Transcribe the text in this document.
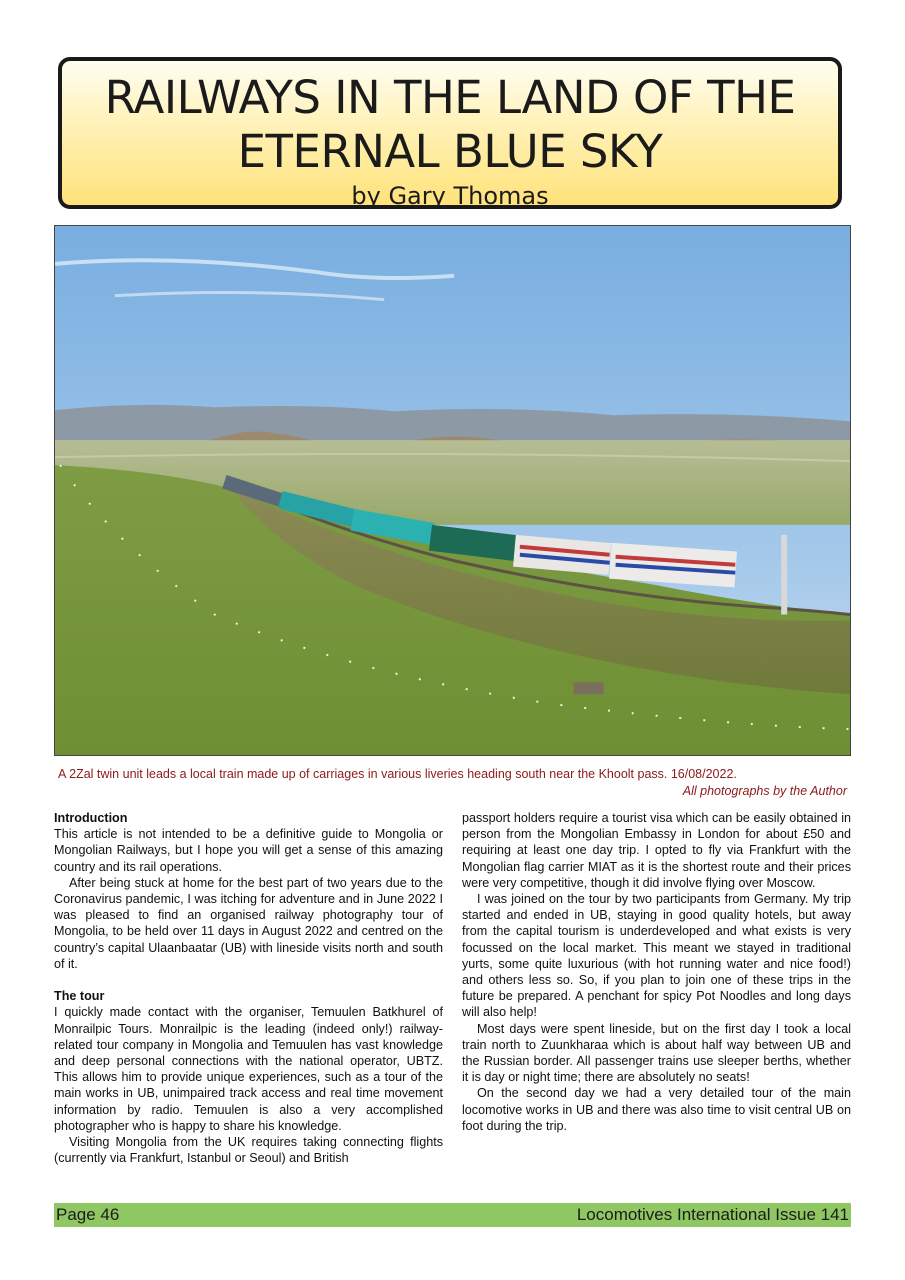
RAILWAYS IN THE LAND OF THE
ETERNAL BLUE SKY
by Gary Thomas
A 2Zal twin unit leads a local train made up of carriages in various liveries heading south near the Khoolt pass. 16/08/2022.
All photographs by the Author
Introduction

This article is not intended to be a definitive guide to Mongolia or Mongolian Railways, but I hope you will get a sense of this amazing country and its rail operations.

After being stuck at home for the best part of two years due to the Coronavirus pandemic, I was itching for adventure and in June 2022 I was pleased to find an organised railway photography tour of Mongolia, to be held over 11 days in August 2022 and centred on the country’s capital Ulaanbaatar (UB) with lineside visits north and south of it.

The tour

I quickly made contact with the organiser, Temuulen Batkhurel of Monrailpic Tours. Monrailpic is the leading (indeed only!) railway-related tour company in Mongolia and Temuulen has vast knowledge and deep personal connections with the national operator, UBTZ. This allows him to provide unique experiences, such as a tour of the main works in UB, unimpaired track access and real time movement information by radio. Temuulen is also a very accomplished photographer who is happy to share his knowledge.

Visiting Mongolia from the UK requires taking connecting flights (currently via Frankfurt, Istanbul or Seoul) and British

passport holders require a tourist visa which can be easily obtained in person from the Mongolian Embassy in London for about £50 and requiring at least one day trip. I opted to fly via Frankfurt with the Mongolian flag carrier MIAT as it is the shortest route and their prices were very competitive, though it did involve flying over Moscow.

I was joined on the tour by two participants from Germany. My trip started and ended in UB, staying in good quality hotels, but away from the capital tourism is underdeveloped and what exists is very focussed on the local market. This meant we stayed in traditional yurts, some quite luxurious (with hot running water and nice food!) and others less so. So, if you plan to join one of these trips in the future be prepared. A penchant for spicy Pot Noodles and long days will also help!

Most days were spent lineside, but on the first day I took a local train north to Zuunkharaa which is about half way between UB and the Russian border. All passenger trains use sleeper berths, whether it is day or night time; there are absolutely no seats!

On the second day we had a very detailed tour of the main locomotive works in UB and there was also time to visit central UB on foot during the trip.

Page 46	Locomotives International Issue 141
